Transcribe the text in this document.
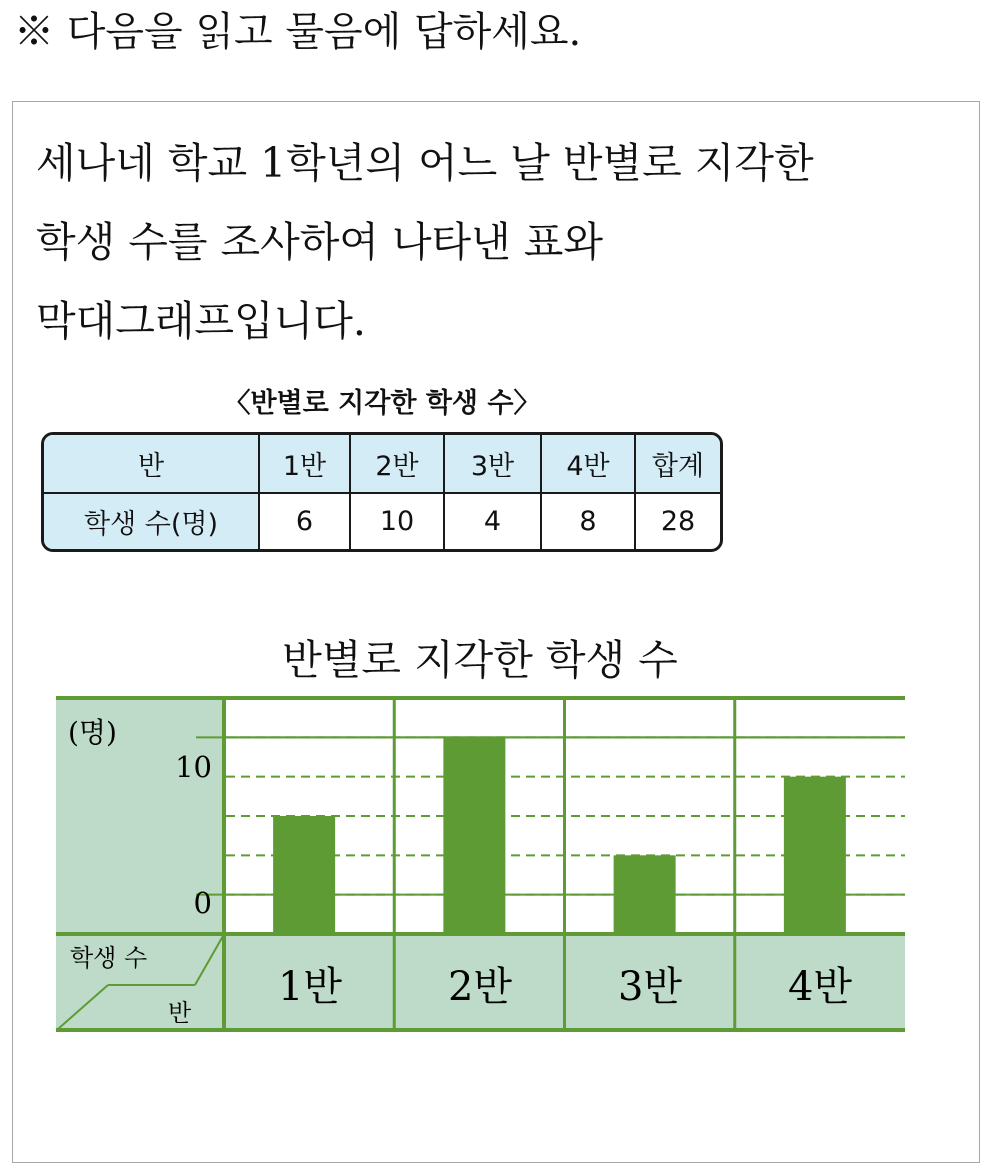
※ 다음을 읽고 물음에 답하세요.
세나네 학교 1학년의 어느 날 반별로 지각한
학생 수를 조사하여 나타낸 표와
막대그래프입니다.
〈반별로 지각한 학생 수〉
반	1반	2반	3반	4반	합계
학생 수(명)	6	10	4	8	28
반별로 지각한 학생 수
(명)
10
0
학생 수
반
1반	2반	3반	4반
